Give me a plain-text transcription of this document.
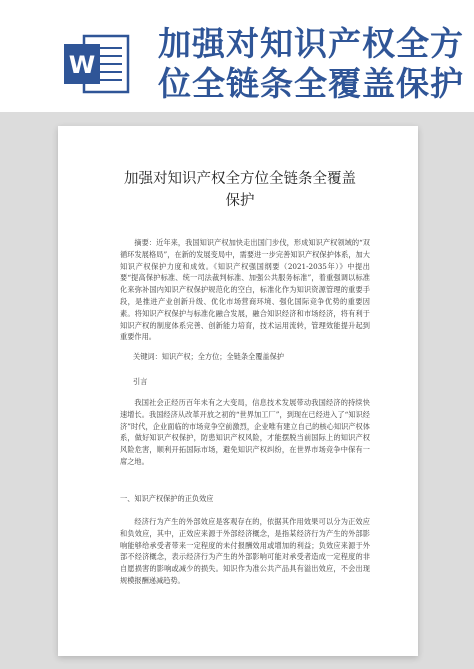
W
加强对知识产权全方位全链条全覆盖保护
加强对知识产权全方位全链条全覆盖保护

摘要：近年来，我国知识产权加快走出国门步伐，形成知识产权领域的“双循环发展格局”，在新的发展变局中，需要进一步完善知识产权保护体系，加大知识产权保护力度和成效。《知识产权强国纲要（2021-2035年）》中提出要“提高保护标准、统一司法裁判标准、加强公共服务标准”，着重强调以标准化来弥补国内知识产权保护规范化的空白，标准化作为知识资源管理的重要手段，是推进产业创新升级、优化市场营商环境、强化国际竞争优势的重要因素。将知识产权保护与标准化融合发展，融合知识经济和市场经济，将有利于知识产权的制度体系完善、创新能力培育，技术运用流转，管理效能提升起到重要作用。

关键词：知识产权；全方位；全链条全覆盖保护

引言

我国社会正经历百年未有之大变局，信息技术发展带动我国经济的持续快速增长。我国经济从改革开放之初的“世界加工厂”，到现在已经进入了“知识经济”时代，企业面临的市场竞争空前激烈，企业唯有建立自己的核心知识产权体系，做好知识产权保护，防患知识产权风险，才能摆脱当前国际上的知识产权风险危害，顺利开拓国际市场，避免知识产权纠纷，在世界市场竞争中保有一席之地。

一、知识产权保护的正负效应

经济行为产生的外部效应是客观存在的，依据其作用效果可以分为正效应和负效应，其中，正效应来源于外部经济概念，是指某经济行为产生的外部影响能够给承受者带来一定程度的未付报酬效用或增加的利益；负效应来源于外部不经济概念，表示经济行为产生的外部影响可能对承受者造成一定程度的非自愿损害的影响或减少的损失。知识作为准公共产品具有溢出效应，不会出现规模报酬递减趋势。
